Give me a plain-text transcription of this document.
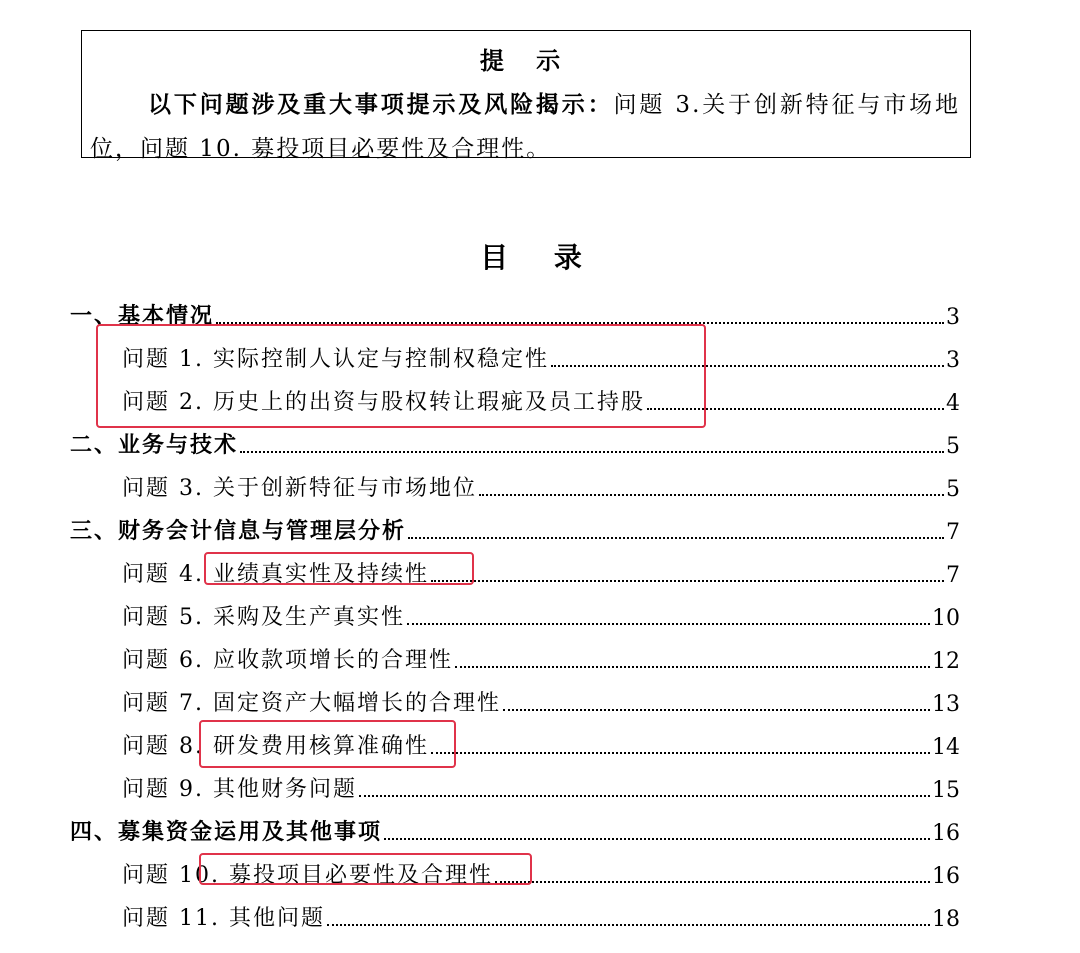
提 示
以下问题涉及重大事项提示及风险揭示：问题 3.关于创新特征与市场地位，问题 10. 募投项目必要性及合理性。
目 录
一、基本情况	3
问题 1. 实际控制人认定与控制权稳定性	3
问题 2. 历史上的出资与股权转让瑕疵及员工持股	4
二、业务与技术	5
问题 3. 关于创新特征与市场地位	5
三、财务会计信息与管理层分析	7
问题 4. 业绩真实性及持续性	7
问题 5. 采购及生产真实性	10
问题 6. 应收款项增长的合理性	12
问题 7. 固定资产大幅增长的合理性	13
问题 8. 研发费用核算准确性	14
问题 9. 其他财务问题	15
四、募集资金运用及其他事项	16
问题 10. 募投项目必要性及合理性	16
问题 11. 其他问题	18
